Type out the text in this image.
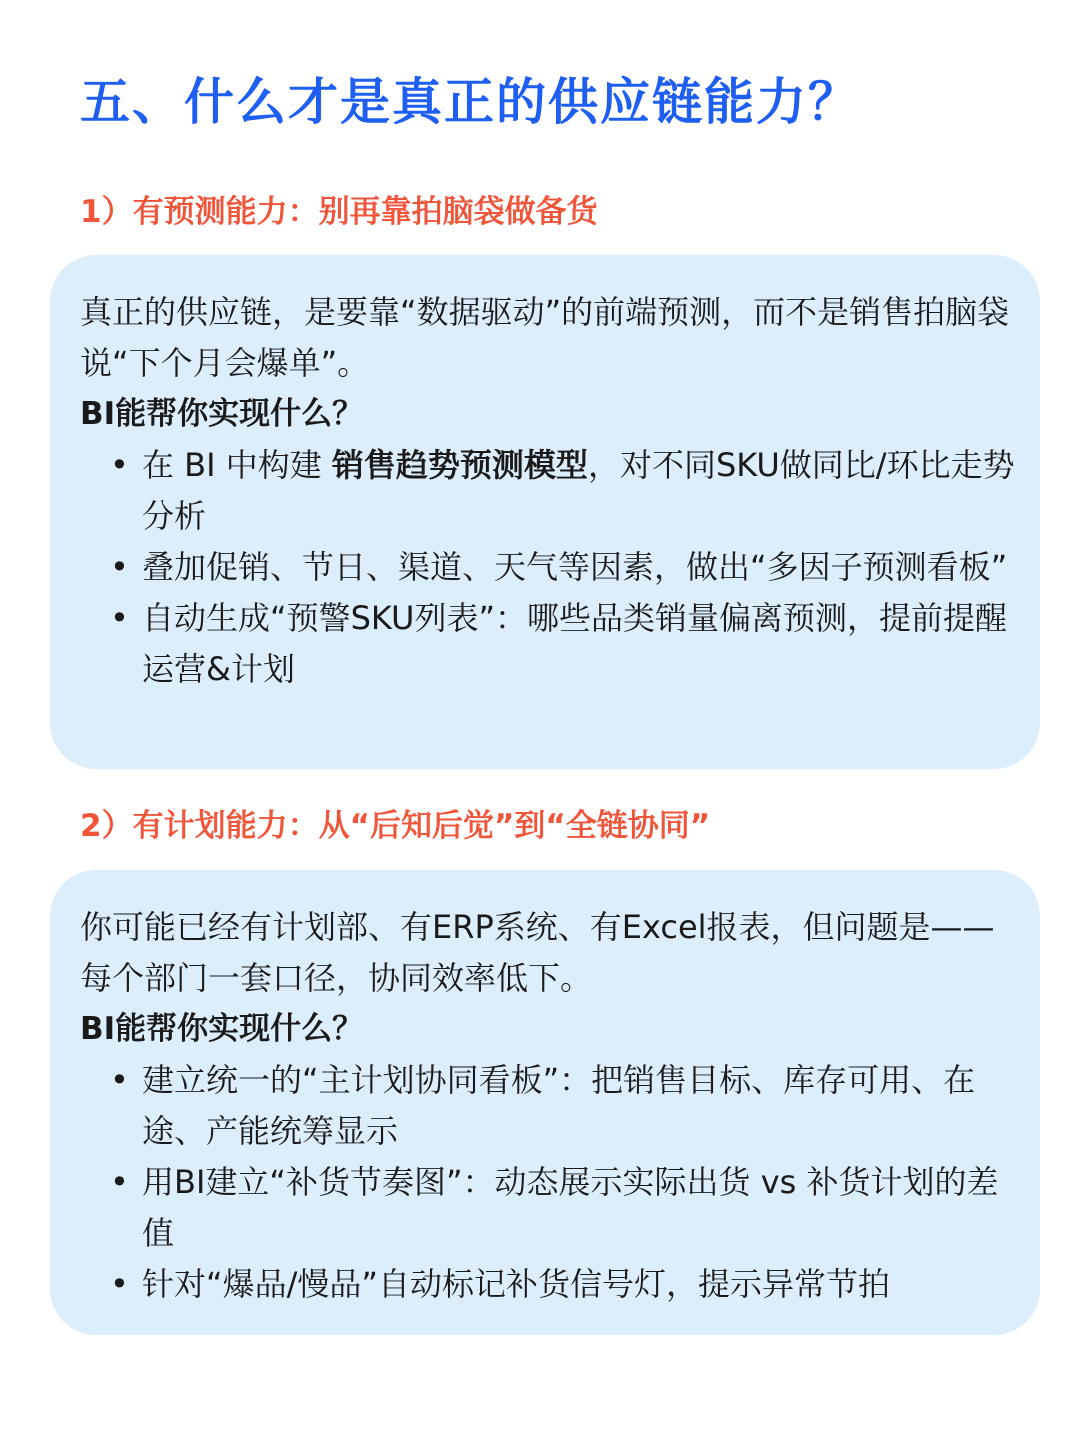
五、什么才是真正的供应链能力？
1）有预测能力：别再靠拍脑袋做备货

真正的供应链，是要靠“数据驱动”的前端预测，而不是销售拍脑袋说“下个月会爆单”。

BI能帮你实现什么？

• 在 BI 中构建 销售趋势预测模型，对不同SKU做同比/环比走势分析
• 叠加促销、节日、渠道、天气等因素，做出“多因子预测看板”
• 自动生成“预警SKU列表”：哪些品类销量偏离预测，提前提醒运营&计划
2）有计划能力：从“后知后觉”到“全链协同”

你可能已经有计划部、有ERP系统、有Excel报表，但问题是——每个部门一套口径，协同效率低下。

BI能帮你实现什么？

• 建立统一的“主计划协同看板”：把销售目标、库存可用、在途、产能统筹显示
• 用BI建立“补货节奏图”：动态展示实际出货 vs 补货计划的差值
• 针对“爆品/慢品”自动标记补货信号灯，提示异常节拍
